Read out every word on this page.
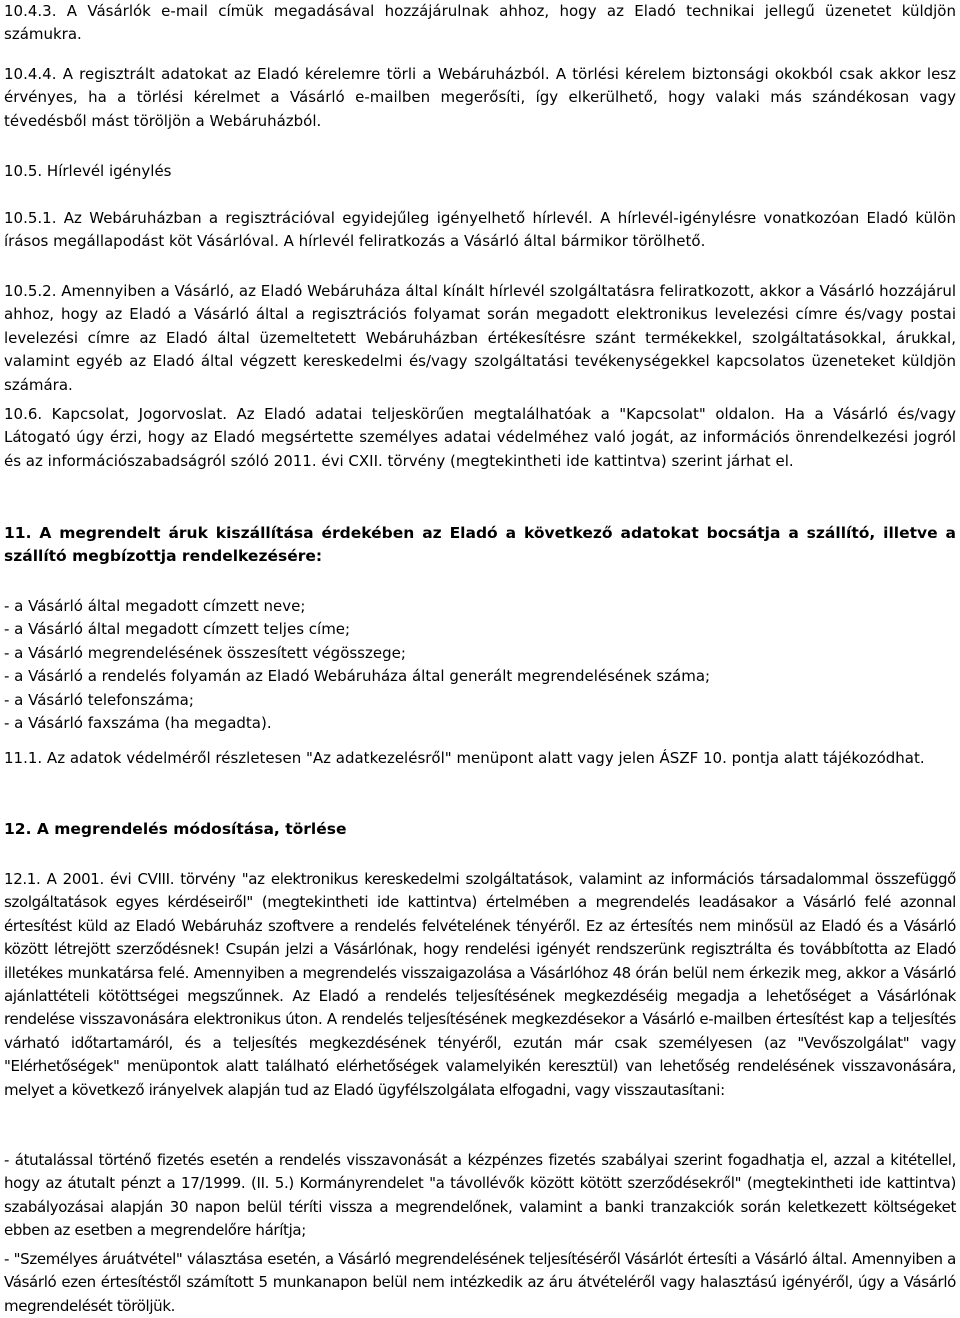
10.4.3. A Vásárlók e-mail címük megadásával hozzájárulnak ahhoz, hogy az Eladó technikai jellegű üzenetet küldjön számukra.

10.4.4. A regisztrált adatokat az Eladó kérelemre törli a Webáruházból. A törlési kérelem biztonsági okokból csak akkor lesz érvényes, ha a törlési kérelmet a Vásárló e-mailben megerősíti, így elkerülhető, hogy valaki más szándékosan vagy tévedésből mást töröljön a Webáruházból.

10.5. Hírlevél igénylés

10.5.1. Az Webáruházban a regisztrációval egyidejűleg igényelhető hírlevél. A hírlevél-igénylésre vonatkozóan Eladó külön írásos megállapodást köt Vásárlóval. A hírlevél feliratkozás a Vásárló által bármikor törölhető.

10.5.2. Amennyiben a Vásárló, az Eladó Webáruháza által kínált hírlevél szolgáltatásra feliratkozott, akkor a Vásárló hozzájárul ahhoz, hogy az Eladó a Vásárló által a regisztrációs folyamat során megadott elektronikus levelezési címre és/vagy postai levelezési címre az Eladó által üzemeltetett Webáruházban értékesítésre szánt termékekkel, szolgáltatásokkal, árukkal, valamint egyéb az Eladó által végzett kereskedelmi és/vagy szolgáltatási tevékenységekkel kapcsolatos üzeneteket küldjön számára.

10.6. Kapcsolat, Jogorvoslat. Az Eladó adatai teljeskörűen megtalálhatóak a "Kapcsolat" oldalon. Ha a Vásárló és/vagy Látogató úgy érzi, hogy az Eladó megsértette személyes adatai védelméhez való jogát, az információs önrendelkezési jogról és az információszabadságról szóló 2011. évi CXII. törvény (megtekintheti ide kattintva) szerint járhat el.

11. A megrendelt áruk kiszállítása érdekében az Eladó a következő adatokat bocsátja a szállító, illetve a szállító megbízottja rendelkezésére:

- a Vásárló által megadott címzett neve;
- a Vásárló által megadott címzett teljes címe;
- a Vásárló megrendelésének összesített végösszege;
- a Vásárló a rendelés folyamán az Eladó Webáruháza által generált megrendelésének száma;
- a Vásárló telefonszáma;
- a Vásárló faxszáma (ha megadta).

11.1. Az adatok védelméről részletesen "Az adatkezelésről" menüpont alatt vagy jelen ÁSZF 10. pontja alatt tájékozódhat.

12. A megrendelés módosítása, törlése

12.1. A 2001. évi CVIII. törvény "az elektronikus kereskedelmi szolgáltatások, valamint az információs társadalommal összefüggő szolgáltatások egyes kérdéseiről" (megtekintheti ide kattintva) értelmében a megrendelés leadásakor a Vásárló felé azonnal értesítést küld az Eladó Webáruház szoftvere a rendelés felvételének tényéről. Ez az értesítés nem minősül az Eladó és a Vásárló között létrejött szerződésnek! Csupán jelzi a Vásárlónak, hogy rendelési igényét rendszerünk regisztrálta és továbbította az Eladó illetékes munkatársa felé. Amennyiben a megrendelés visszaigazolása a Vásárlóhoz 48 órán belül nem érkezik meg, akkor a Vásárló ajánlattételi kötöttségei megszűnnek. Az Eladó a rendelés teljesítésének megkezdéséig megadja a lehetőséget a Vásárlónak rendelése visszavonására elektronikus úton. A rendelés teljesítésének megkezdésekor a Vásárló e-mailben értesítést kap a teljesítés várható időtartamáról, és a teljesítés megkezdésének tényéről, ezután már csak személyesen (az "Vevőszolgálat" vagy "Elérhetőségek" menüpontok alatt található elérhetőségek valamelyikén keresztül) van lehetőség rendelésének visszavonására, melyet a következő irányelvek alapján tud az Eladó ügyfélszolgálata elfogadni, vagy visszautasítani:

- átutalással történő fizetés esetén a rendelés visszavonását a kézpénzes fizetés szabályai szerint fogadhatja el, azzal a kitétellel, hogy az átutalt pénzt a 17/1999. (II. 5.) Kormányrendelet "a távollévők között kötött szerződésekről" (megtekintheti ide kattintva) szabályozásai alapján 30 napon belül téríti vissza a megrendelőnek, valamint a banki tranzakciók során keletkezett költségeket ebben az esetben a megrendelőre hárítja;

- "Személyes áruátvétel" választása esetén, a Vásárló megrendelésének teljesítéséről Vásárlót értesíti a Vásárló által. Amennyiben a Vásárló ezen értesítéstől számított 5 munkanapon belül nem intézkedik az áru átvételéről vagy halasztású igényéről, úgy a Vásárló megrendelését töröljük.
